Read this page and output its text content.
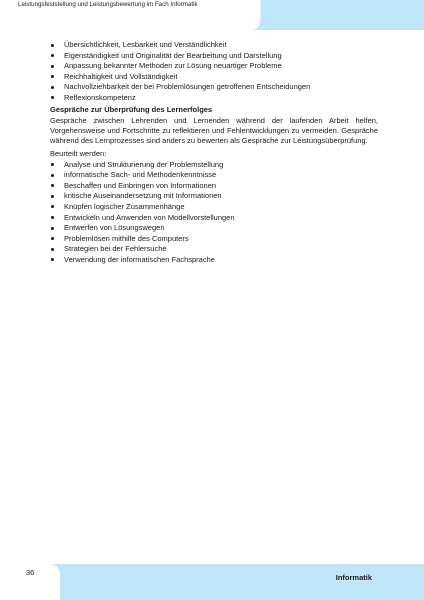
Leistungsfeststellung und Leistungsbewertung im Fach Informatik
Übersichtlichkeit, Lesbarkeit und Verständlichkeit
Eigenständigkeit und Originalität der Bearbeitung und Darstellung
Anpassung bekannter Methoden zur Lösung neuartiger Probleme
Reichhaltigkeit und Vollständigkeit
Nachvollziehbarkeit der bei Problemlösungen getroffenen Entscheidungen
Reflexionskompetenz
Gespräche zur Überprüfung des Lernerfolges

Gespräche zwischen Lehrenden und Lernenden während der laufenden Arbeit helfen, Vorgehensweise und Fortschritte zu reflektieren und Fehlentwicklungen zu vermeiden. Gespräche während des Lernprozesses sind anders zu bewerten als Gespräche zur Leistungsüberprüfung.

Beurteilt werden:
Analyse und Strukturierung der Problemstellung
informatische Sach- und Methodenkenntnisse
Beschaffen und Einbringen von Informationen
kritische Auseinandersetzung mit Informationen
Knüpfen logischer Zusammenhänge
Entwickeln und Anwenden von Modellvorstellungen
Entwerfen von Lösungswegen
Problemlösen mithilfe des Computers
Strategien bei der Fehlersuche
Verwendung der informatischen Fachsprache
36
Informatik
